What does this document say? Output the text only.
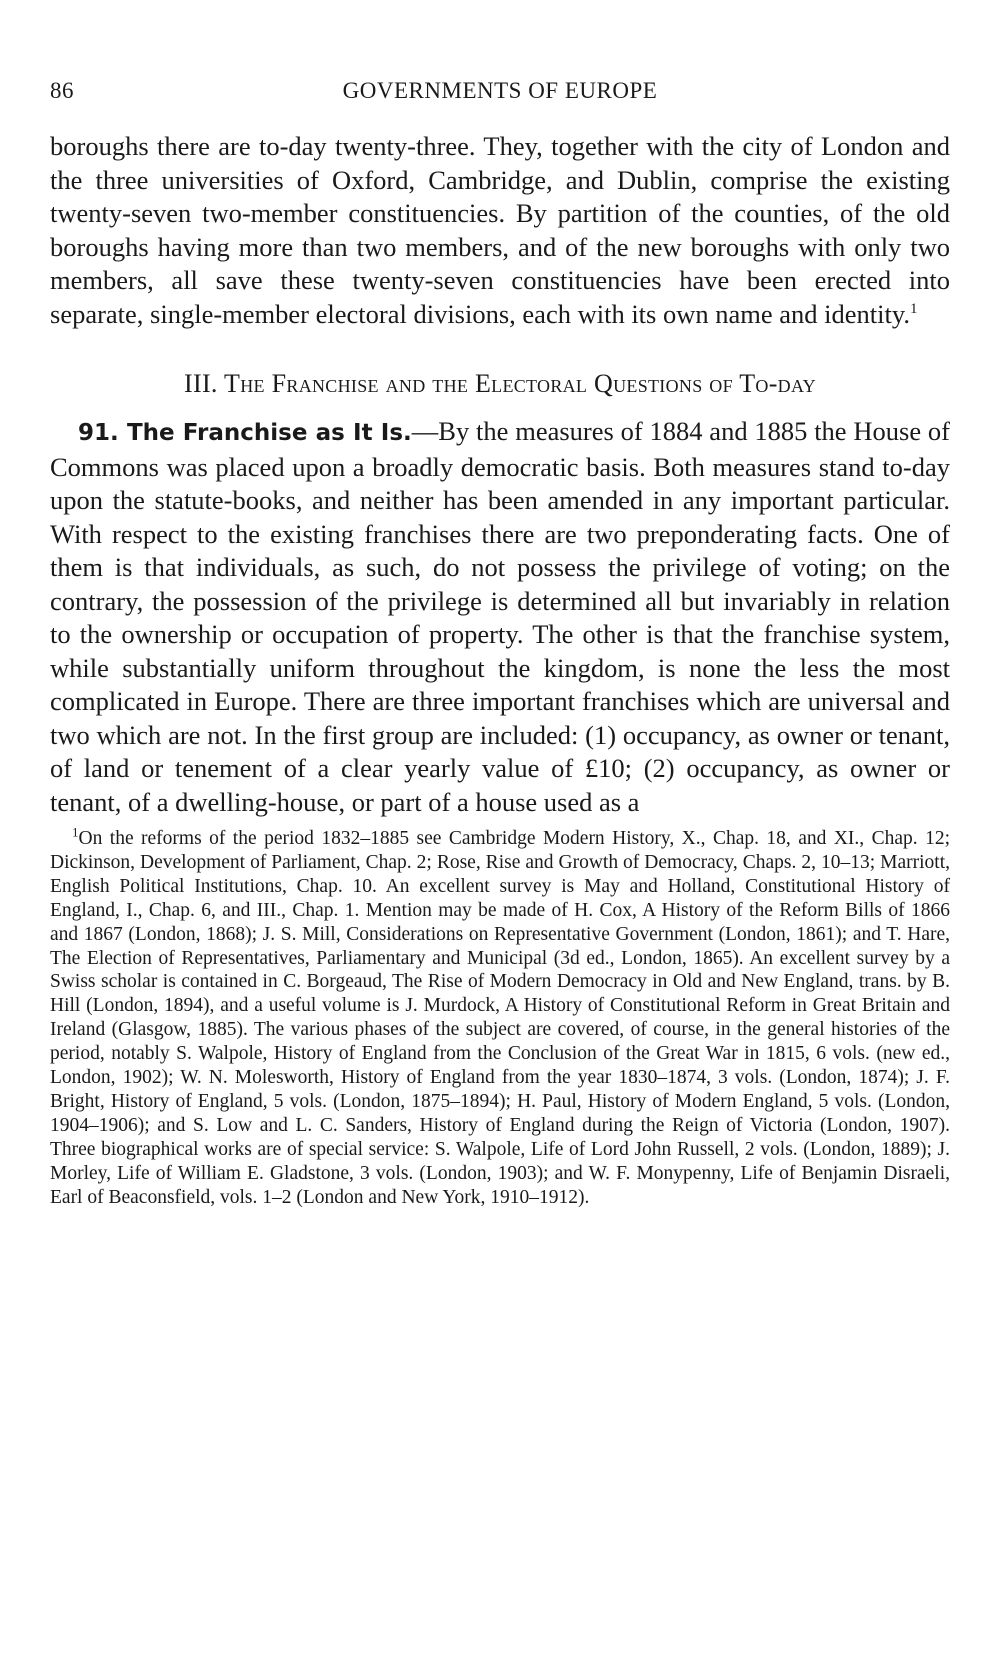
86	GOVERNMENTS OF EUROPE

boroughs there are to-day twenty-three. They, together with the city of London and the three universities of Oxford, Cambridge, and Dublin, comprise the existing twenty-seven two-member constituencies. By partition of the counties, of the old boroughs having more than two members, and of the new boroughs with only two members, all save these twenty-seven constituencies have been erected into separate, single-member electoral divisions, each with its own name and identity.$^1$

III. The Franchise and the Electoral Questions of To-day

91. The Franchise as It Is.—By the measures of 1884 and 1885 the House of Commons was placed upon a broadly democratic basis. Both measures stand to-day upon the statute-books, and neither has been amended in any important particular. With respect to the existing franchises there are two preponderating facts. One of them is that individuals, as such, do not possess the privilege of voting; on the contrary, the possession of the privilege is determined all but invariably in relation to the ownership or occupation of property. The other is that the franchise system, while substantially uniform throughout the kingdom, is none the less the most complicated in Europe. There are three important franchises which are universal and two which are not. In the first group are included: (1) occupancy, as owner or tenant, of land or tenement of a clear yearly value of £10; (2) occupancy, as owner or tenant, of a dwelling-house, or part of a house used as a

$^1$On the reforms of the period 1832–1885 see Cambridge Modern History, X., Chap. 18, and XI., Chap. 12; Dickinson, Development of Parliament, Chap. 2; Rose, Rise and Growth of Democracy, Chaps. 2, 10–13; Marriott, English Political Institutions, Chap. 10. An excellent survey is May and Holland, Constitutional History of England, I., Chap. 6, and III., Chap. 1. Mention may be made of H. Cox, A History of the Reform Bills of 1866 and 1867 (London, 1868); J. S. Mill, Considerations on Representative Government (London, 1861); and T. Hare, The Election of Representatives, Parliamentary and Municipal (3d ed., London, 1865). An excellent survey by a Swiss scholar is contained in C. Borgeaud, The Rise of Modern Democracy in Old and New England, trans. by B. Hill (London, 1894), and a useful volume is J. Murdock, A History of Constitutional Reform in Great Britain and Ireland (Glasgow, 1885). The various phases of the subject are covered, of course, in the general histories of the period, notably S. Walpole, History of England from the Conclusion of the Great War in 1815, 6 vols. (new ed., London, 1902); W. N. Molesworth, History of England from the year 1830–1874, 3 vols. (London, 1874); J. F. Bright, History of England, 5 vols. (London, 1875–1894); H. Paul, History of Modern England, 5 vols. (London, 1904–1906); and S. Low and L. C. Sanders, History of England during the Reign of Victoria (London, 1907). Three biographical works are of special service: S. Walpole, Life of Lord John Russell, 2 vols. (London, 1889); J. Morley, Life of William E. Gladstone, 3 vols. (London, 1903); and W. F. Monypenny, Life of Benjamin Disraeli, Earl of Beaconsfield, vols. 1–2 (London and New York, 1910–1912).
